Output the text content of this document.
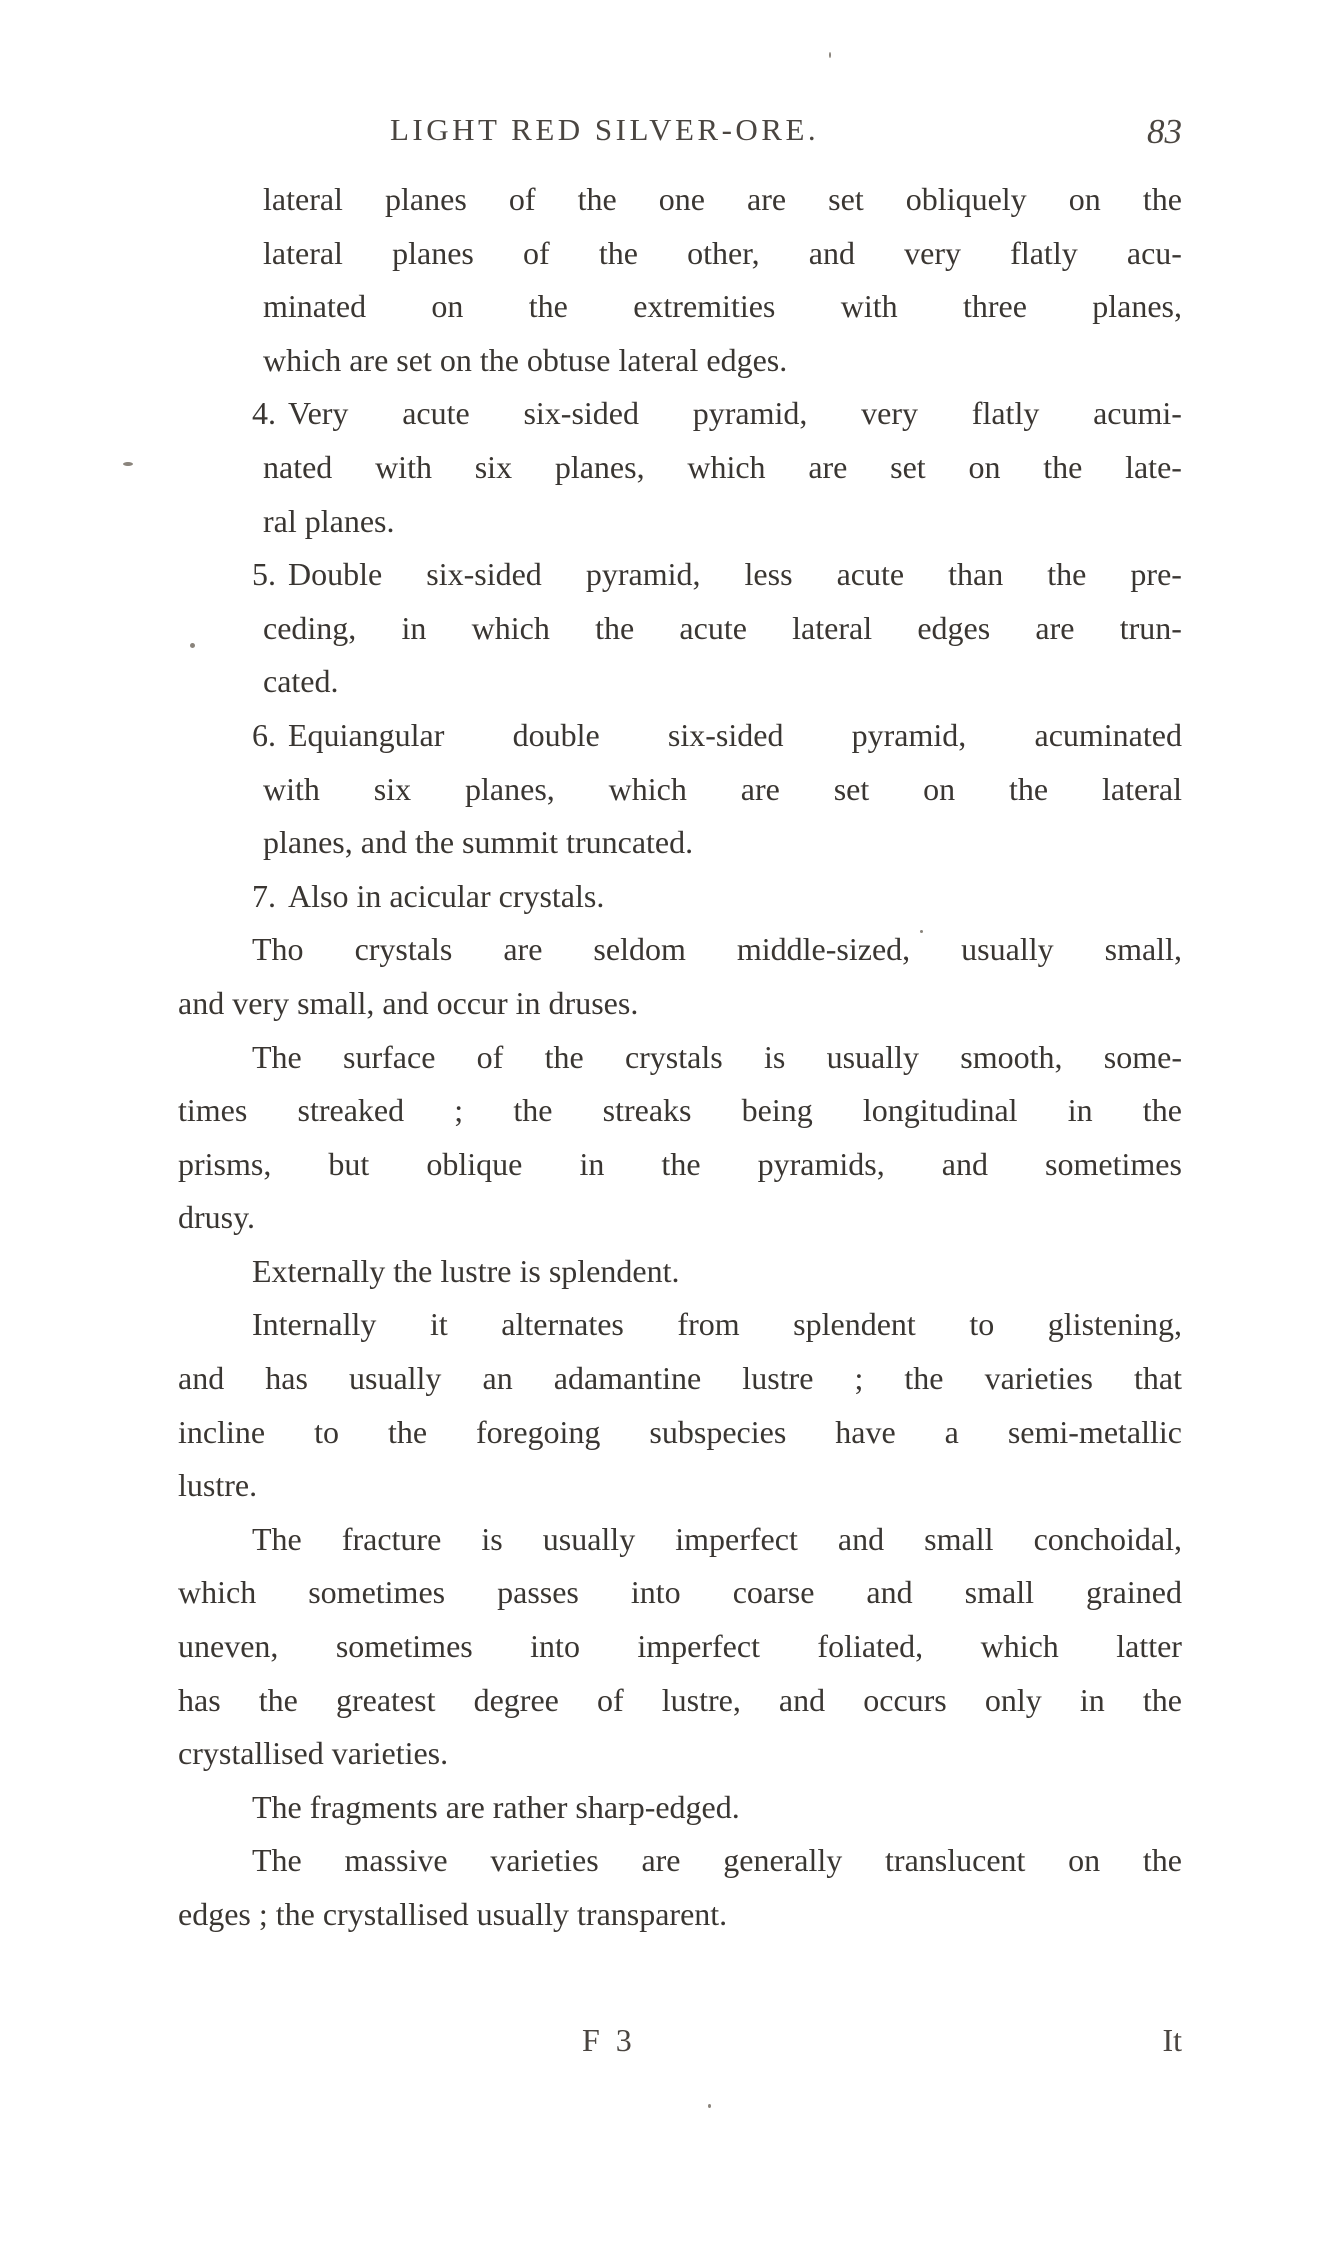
LIGHT RED SILVER-ORE.	83
lateral planes of the one are set obliquely on the
lateral planes of the other, and very flatly acu-
minated on the extremities with three planes,
which are set on the obtuse lateral edges.
4. Very acute six-sided pyramid, very flatly acumi-
nated with six planes, which are set on the late-
ral planes.
5. Double six-sided pyramid, less acute than the pre-
ceding, in which the acute lateral edges are trun-
cated.
6. Equiangular double six-sided pyramid, acuminated
with six planes, which are set on the lateral
planes, and the summit truncated.
7. Also in acicular crystals.
Tho crystals are seldom middle-sized, usually small,
and very small, and occur in druses.
The surface of the crystals is usually smooth, some-
times streaked ; the streaks being longitudinal in the
prisms, but oblique in the pyramids, and sometimes
drusy.
Externally the lustre is splendent.
Internally it alternates from splendent to glistening,
and has usually an adamantine lustre ; the varieties that
incline to the foregoing subspecies have a semi-metallic
lustre.
The fracture is usually imperfect and small conchoidal,
which sometimes passes into coarse and small grained
uneven, sometimes into imperfect foliated, which latter
has the greatest degree of lustre, and occurs only in the
crystallised varieties.
The fragments are rather sharp-edged.
The massive varieties are generally translucent on the
edges ; the crystallised usually transparent.
F 3	It
